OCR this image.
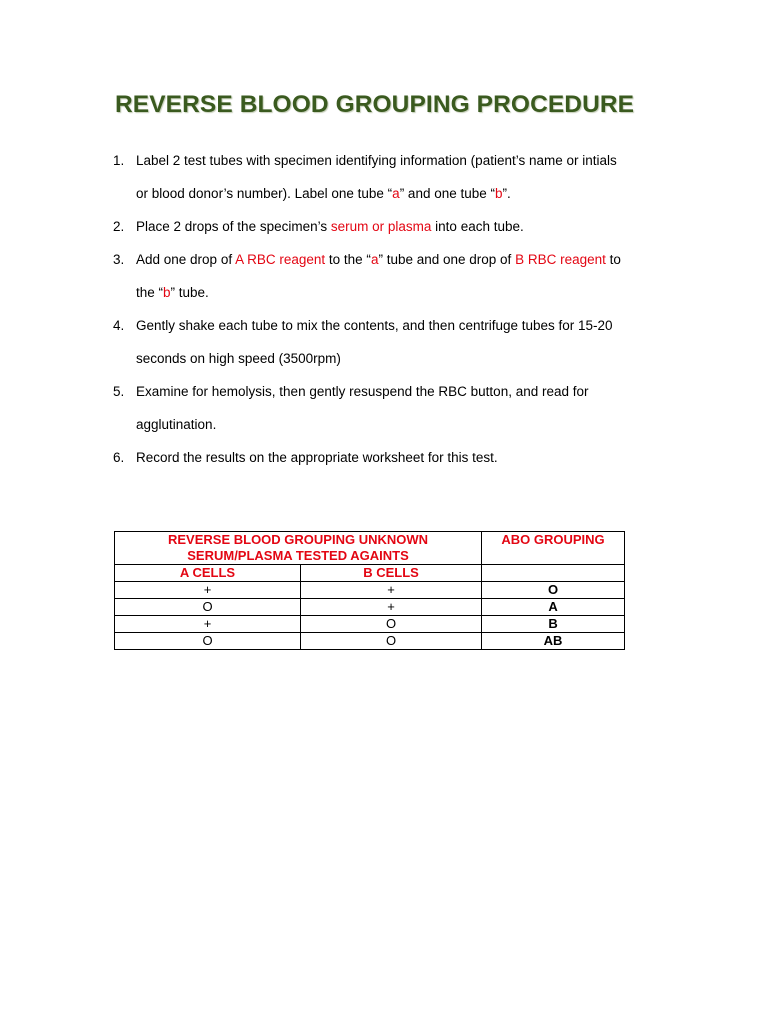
REVERSE BLOOD GROUPING PROCEDURE
1. Label 2 test tubes with specimen identifying information (patient’s name or intials
or blood donor’s number). Label one tube “a” and one tube “b”.
2. Place 2 drops of the specimen’s serum or plasma into each tube.
3. Add one drop of A RBC reagent to the “a” tube and one drop of B RBC reagent to
the “b” tube.
4. Gently shake each tube to mix the contents, and then centrifuge tubes for 15-20
seconds on high speed (3500rpm)
5. Examine for hemolysis, then gently resuspend the RBC button, and read for
agglutination.
6. Record the results on the appropriate worksheet for this test.
REVERSE BLOOD GROUPING UNKNOWN
SERUM/PLASMA TESTED AGAINTS		ABO GROUPING
A CELLS	B CELLS	
+	+	O
O	+	A
+	O	B
O	O	AB
